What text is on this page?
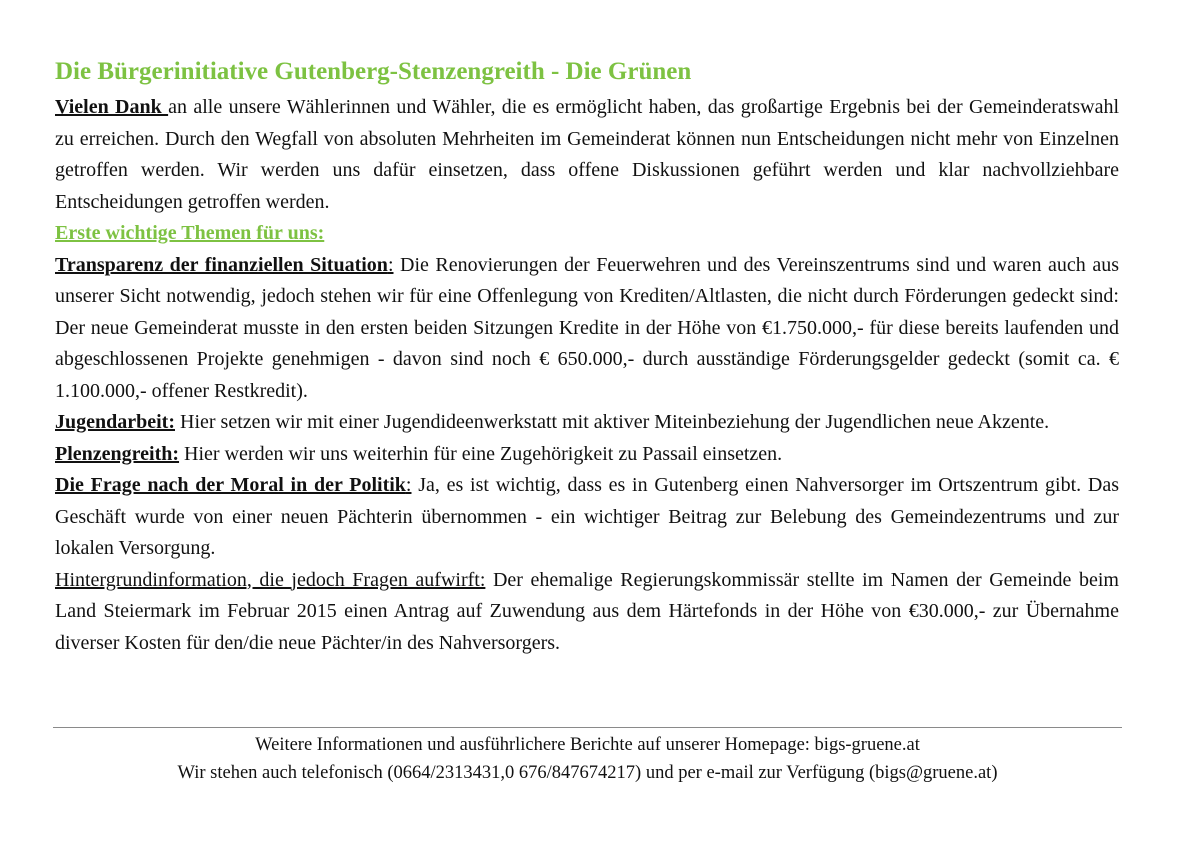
Die Bürgerinitiative Gutenberg-Stenzengreith - Die Grünen

Vielen Dank an alle unsere Wählerinnen und Wähler, die es ermöglicht haben, das großartige Ergebnis bei der Gemeinderatswahl zu erreichen. Durch den Wegfall von absoluten Mehrheiten im Gemeinderat können nun Entscheidungen nicht mehr von Einzelnen getroffen werden. Wir werden uns dafür einsetzen, dass offene Diskussionen geführt werden und klar nachvollziehbare Entscheidungen getroffen werden.

Erste wichtige Themen für uns:

Transparenz der finanziellen Situation: Die Renovierungen der Feuerwehren und des Vereinszentrums sind und waren auch aus unserer Sicht notwendig, jedoch stehen wir für eine Offenlegung von Krediten/Altlasten, die nicht durch Förderungen gedeckt sind: Der neue Gemeinderat musste in den ersten beiden Sitzungen Kredite in der Höhe von €1.750.000,- für diese bereits laufenden und abgeschlossenen Projekte genehmigen - davon sind noch € 650.000,- durch ausständige Förderungsgelder gedeckt (somit ca. € 1.100.000,- offener Restkredit).

Jugendarbeit: Hier setzen wir mit einer Jugendideenwerkstatt mit aktiver Miteinbeziehung der Jugendlichen neue Akzente.

Plenzengreith: Hier werden wir uns weiterhin für eine Zugehörigkeit zu Passail einsetzen.

Die Frage nach der Moral in der Politik: Ja, es ist wichtig, dass es in Gutenberg einen Nahversorger im Ortszentrum gibt. Das Geschäft wurde von einer neuen Pächterin übernommen - ein wichtiger Beitrag zur Belebung des Gemeindezentrums und zur lokalen Versorgung.

Hintergrundinformation, die jedoch Fragen aufwirft: Der ehemalige Regierungskommissär stellte im Namen der Gemeinde beim Land Steiermark im Februar 2015 einen Antrag auf Zuwendung aus dem Härtefonds in der Höhe von €30.000,- zur Übernahme diverser Kosten für den/die neue Pächter/in des Nahversorgers.

Weitere Informationen und ausführlichere Berichte auf unserer Homepage: bigs-gruene.at
Wir stehen auch telefonisch (0664/2313431,0 676/847674217) und per e-mail zur Verfügung (bigs@gruene.at)
